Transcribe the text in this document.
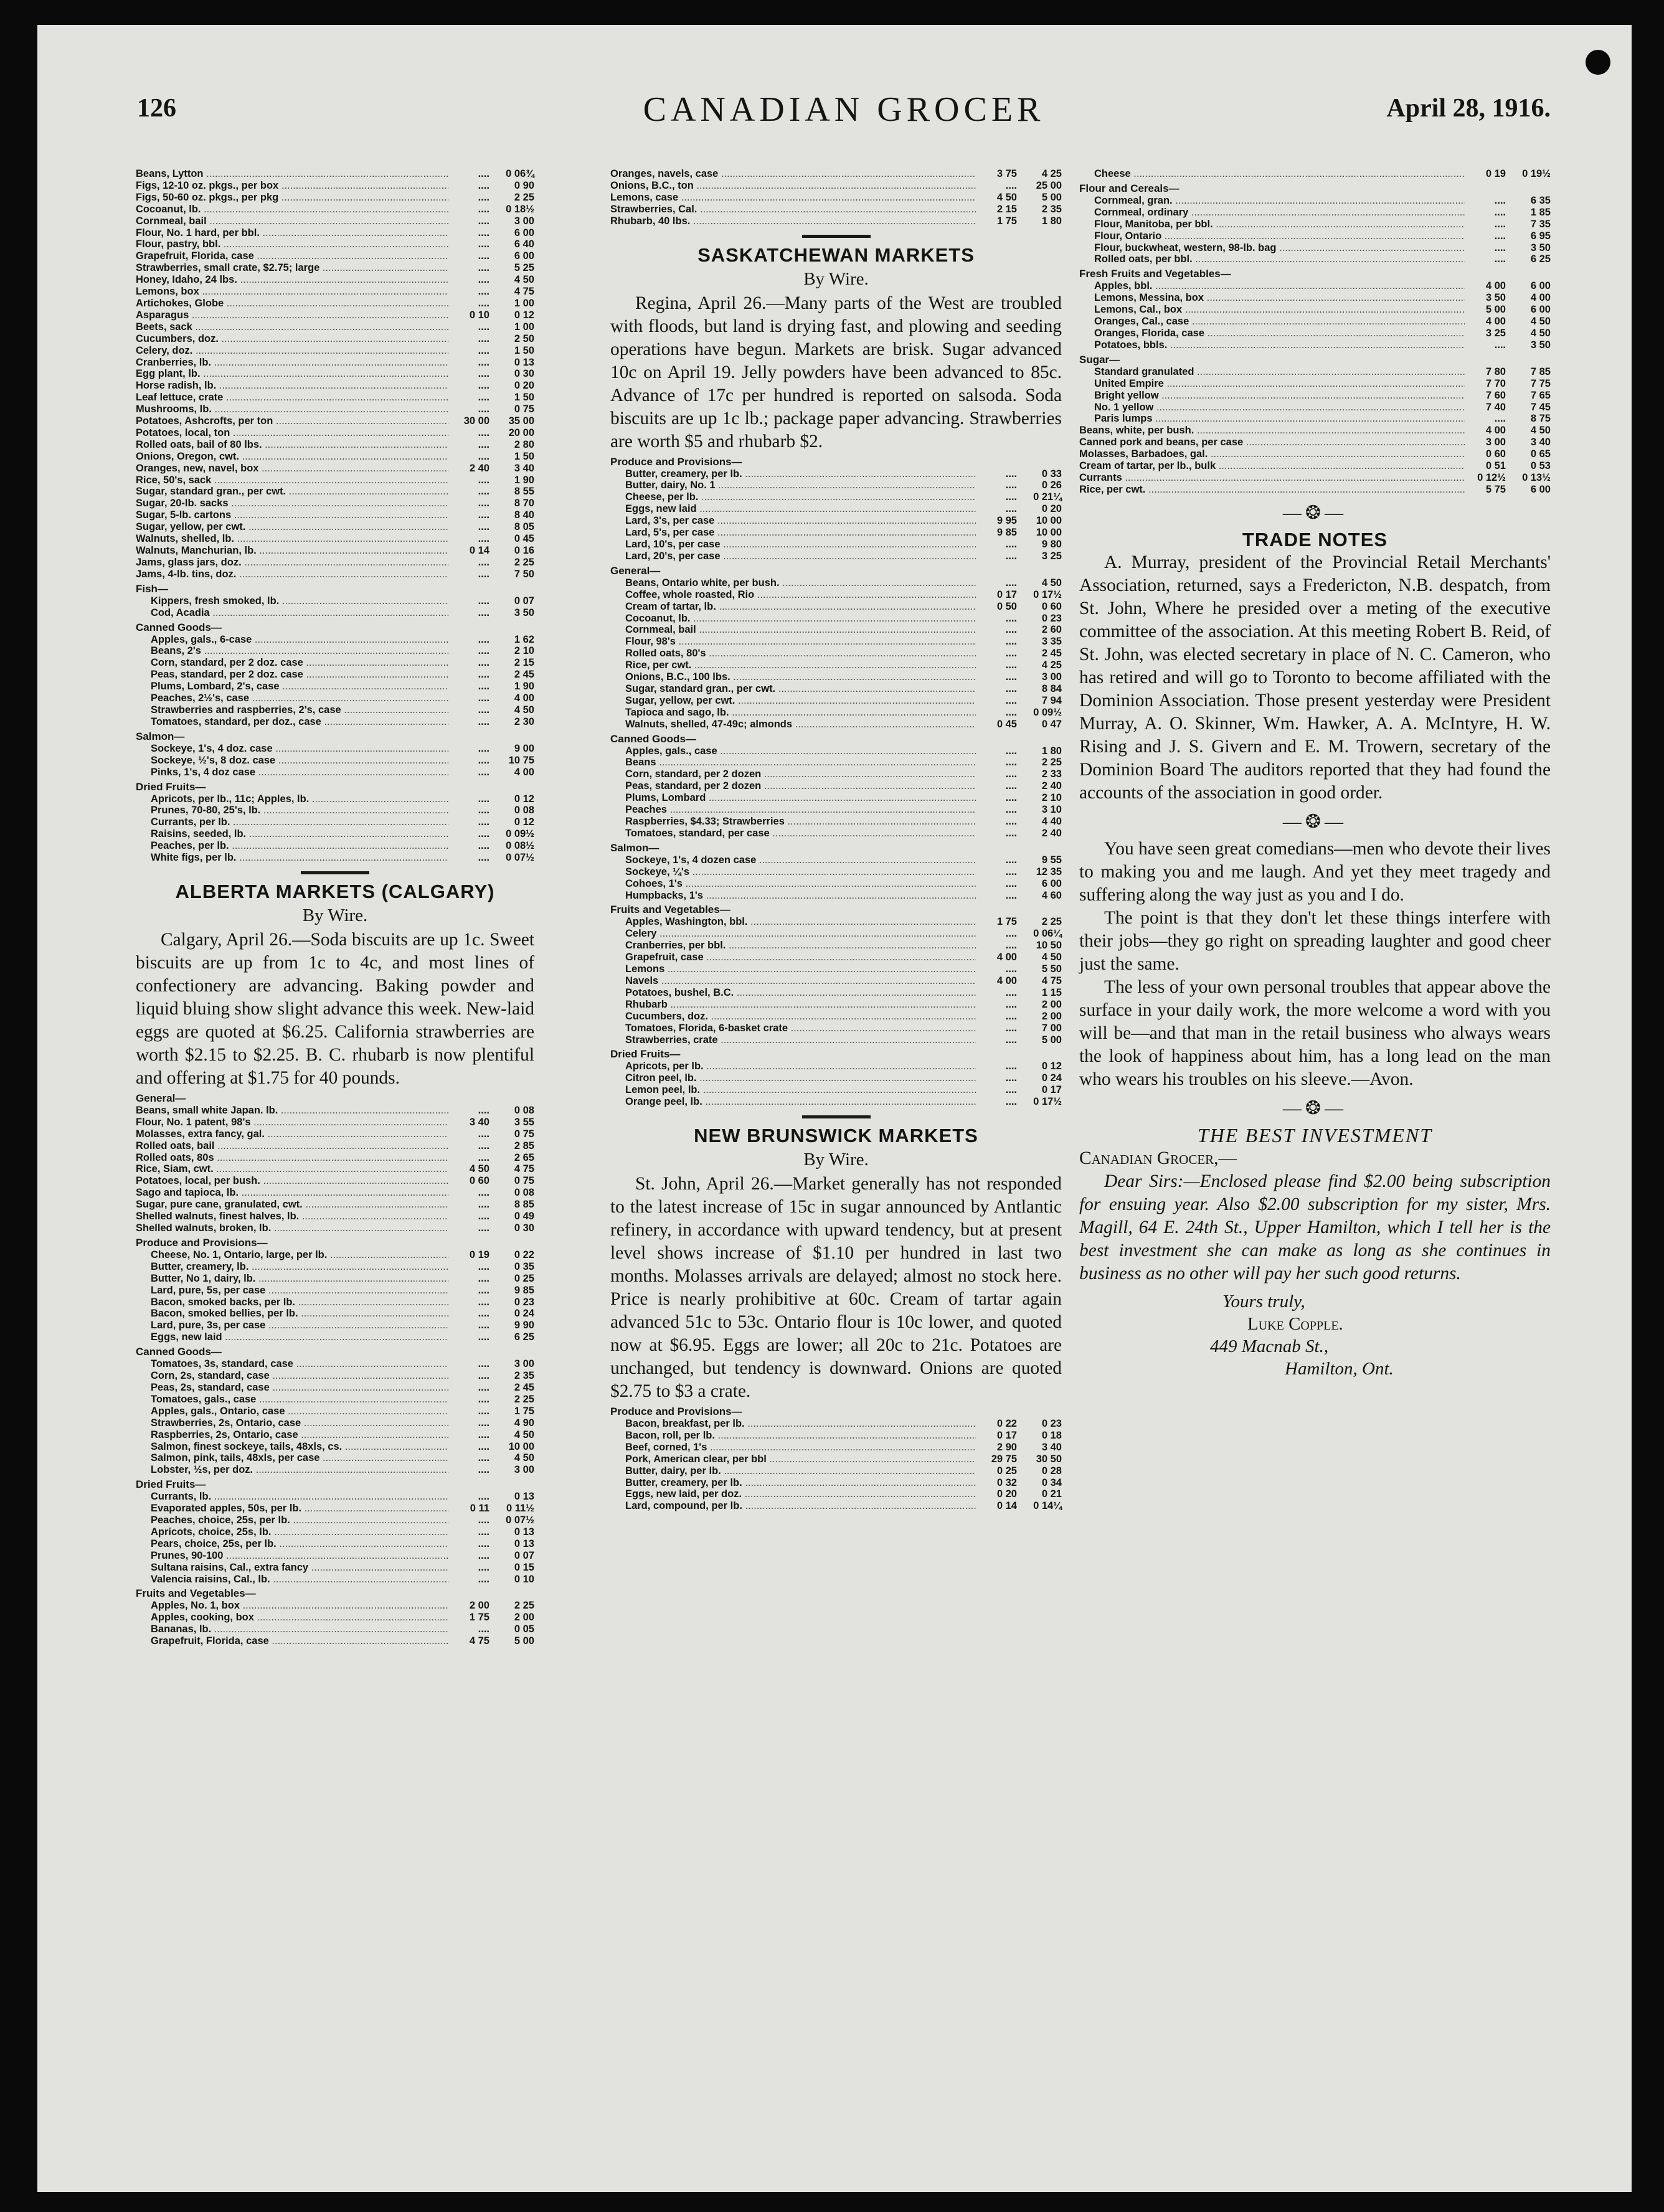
126	CANADIAN GROCER	April 28, 1916.
Beans, Lytton .....	....	0 06¾
Figs, 12-10 oz. pkgs., per box .....	....	0 90
Figs, 50-60 oz. pkgs., per pkg .....	....	2 25
Cocoanut, lb. .....	....	0 18½
Cornmeal, bail .....	....	3 00
Flour, No. 1 hard, per bbl. .....	....	6 00
Flour, pastry, bbl. .....	....	6 40
Grapefruit, Florida, case .....	....	6 00
Strawberries, small crate, $2.75; large .....	....	5 25
Honey, Idaho, 24 lbs. .....	....	4 50
Lemons, box .....	....	4 75
Artichokes, Globe .....	....	1 00
Asparagus .....	0 10	0 12
Beets, sack .....	....	1 00
Cucumbers, doz. .....	....	2 50
Celery, doz. .....	....	1 50
Cranberries, lb. .....	....	0 13
Egg plant, lb. .....	....	0 30
Horse radish, lb. .....	....	0 20
Leaf lettuce, crate .....	....	1 50
Mushrooms, lb. .....	....	0 75
Potatoes, Ashcrofts, per ton .....	30 00	35 00
Potatoes, local, ton .....	....	20 00
Rolled oats, bail of 80 lbs. .....	....	2 80
Onions, Oregon, cwt. .....	....	1 50
Oranges, new, navel, box .....	2 40	3 40
Rice, 50's, sack .....	....	1 90
Sugar, standard gran., per cwt. .....	....	8 55
Sugar, 20-lb. sacks .....	....	8 70
Sugar, 5-lb. cartons .....	....	8 40
Sugar, yellow, per cwt. .....	....	8 05
Walnuts, shelled, lb. .....	....	0 45
Walnuts, Manchurian, lb. .....	0 14	0 16
Jams, glass jars, doz. .....	....	2 25
Jams, 4-lb. tins, doz. .....	....	7 50
Fish—
Kippers, fresh smoked, lb. .....	....	0 07
Cod, Acadia .....	....	3 50
Canned Goods—
Apples, gals., 6-case .....	....	1 62
Beans, 2's .....	....	2 10
Corn, standard, per 2 doz. case .....	....	2 15
Peas, standard, per 2 doz. case .....	....	2 45
Plums, Lombard, 2's, case .....	....	1 90
Peaches, 2½'s, case .....	....	4 00
Strawberries and raspberries, 2's, case .....	....	4 50
Tomatoes, standard, per doz., case .....	....	2 30
Salmon—
Sockeye, 1's, 4 doz. case .....	....	9 00
Sockeye, ½'s, 8 doz. case .....	....	10 75
Pinks, 1's, 4 doz case .....	....	4 00
Dried Fruits—
Apricots, per lb., 11c; Apples, lb. .....	....	0 12
Prunes, 70-80, 25's, lb. .....	....	0 08
Currants, per lb. .....	....	0 12
Raisins, seeded, lb. .....	....	0 09½
Peaches, per lb. .....	....	0 08½
White figs, per lb. .....	....	0 07½
ALBERTA MARKETS (CALGARY)
By Wire.

Calgary, April 26.—Soda biscuits are up 1c. Sweet biscuits are up from 1c to 4c, and most lines of confectionery are advancing. Baking powder and liquid bluing show slight advance this week. New-laid eggs are quoted at $6.25. California strawberries are worth $2.15 to $2.25. B. C. rhubarb is now plentiful and offering at $1.75 for 40 pounds.

General—
Beans, small white Japan. lb. .....	....	0 08
Flour, No. 1 patent, 98's .....	3 40	3 55
Molasses, extra fancy, gal. .....	....	0 75
Rolled oats, bail .....	....	2 85
Rolled oats, 80s .....	....	2 65
Rice, Siam, cwt. .....	4 50	4 75
Potatoes, local, per bush. .....	0 60	0 75
Sago and tapioca, lb. .....	....	0 08
Sugar, pure cane, granulated, cwt. .....	....	8 85
Shelled walnuts, finest halves, lb. .....	....	0 49
Shelled walnuts, broken, lb. .....	....	0 30
Produce and Provisions—
Cheese, No. 1, Ontario, large, per lb. .....	0 19	0 22
Butter, creamery, lb. .....	....	0 35
Butter, No 1, dairy, lb. .....	....	0 25
Lard, pure, 5s, per case .....	....	9 85
Bacon, smoked backs, per lb. .....	....	0 23
Bacon, smoked bellies, per lb. .....	....	0 24
Lard, pure, 3s, per case .....	....	9 90
Eggs, new laid .....	....	6 25
Canned Goods—
Tomatoes, 3s, standard, case .....	....	3 00
Corn, 2s, standard, case .....	....	2 35
Peas, 2s, standard, case .....	....	2 45
Tomatoes, gals., case .....	....	2 25
Apples, gals., Ontario, case .....	....	1 75
Strawberries, 2s, Ontario, case .....	....	4 90
Raspberries, 2s, Ontario, case .....	....	4 50
Salmon, finest sockeye, tails, 48xls, cs. .....	....	10 00
Salmon, pink, tails, 48xls, per case .....	....	4 50
Lobster, ½s, per doz. .....	....	3 00
Dried Fruits—
Currants, lb. .....	....	0 13
Evaporated apples, 50s, per lb. .....	0 11	0 11½
Peaches, choice, 25s, per lb. .....	....	0 07½
Apricots, choice, 25s, lb. .....	....	0 13
Pears, choice, 25s, per lb. .....	....	0 13
Prunes, 90-100 .....	....	0 07
Sultana raisins, Cal., extra fancy .....	....	0 15
Valencia raisins, Cal., lb. .....	....	0 10
Fruits and Vegetables—
Apples, No. 1, box .....	2 00	2 25
Apples, cooking, box .....	1 75	2 00
Bananas, lb. .....	....	0 05
Grapefruit, Florida, case .....	4 75	5 00
Oranges, navels, case .....	3 75	4 25
Onions, B.C., ton .....	....	25 00
Lemons, case .....	4 50	5 00
Strawberries, Cal. .....	2 15	2 35
Rhubarb, 40 lbs. .....	1 75	1 80
SASKATCHEWAN MARKETS
By Wire.

Regina, April 26.—Many parts of the West are troubled with floods, but land is drying fast, and plowing and seeding operations have begun. Markets are brisk. Sugar advanced 10c on April 19. Jelly powders have been advanced to 85c. Advance of 17c per hundred is reported on salsoda. Soda biscuits are up 1c lb.; package paper advancing. Strawberries are worth $5 and rhubarb $2.

Produce and Provisions—
Butter, creamery, per lb. .....	....	0 33
Butter, dairy, No. 1 .....	....	0 26
Cheese, per lb. .....	....	0 21¼
Eggs, new laid .....	....	0 20
Lard, 3's, per case .....	9 95	10 00
Lard, 5's, per case .....	9 85	10 00
Lard, 10's, per case .....	....	9 80
Lard, 20's, per case .....	....	3 25
General—
Beans, Ontario white, per bush. .....	....	4 50
Coffee, whole roasted, Rio .....	0 17	0 17½
Cream of tartar, lb. .....	0 50	0 60
Cocoanut, lb. .....	....	0 23
Cornmeal, bail .....	....	2 60
Flour, 98's .....	....	3 35
Rolled oats, 80's .....	....	2 45
Rice, per cwt. .....	....	4 25
Onions, B.C., 100 lbs. .....	....	3 00
Sugar, standard gran., per cwt. .....	....	8 84
Sugar, yellow, per cwt. .....	....	7 94
Tapioca and sago, lb. .....	....	0 09½
Walnuts, shelled, 47-49c; almonds .....	0 45	0 47
Canned Goods—
Apples, gals., case .....	....	1 80
Beans .....	....	2 25
Corn, standard, per 2 dozen .....	....	2 33
Peas, standard, per 2 dozen .....	....	2 40
Plums, Lombard .....	....	2 10
Peaches .....	....	3 10
Raspberries, $4.33; Strawberries .....	....	4 40
Tomatoes, standard, per case .....	....	2 40
Salmon—
Sockeye, 1's, 4 dozen case .....	....	9 55
Sockeye, ¼'s .....	....	12 35
Cohoes, 1's .....	....	6 00
Humpbacks, 1's .....	....	4 60
Fruits and Vegetables—
Apples, Washington, bbl. .....	1 75	2 25
Celery .....	....	0 06¼
Cranberries, per bbl. .....	....	10 50
Grapefruit, case .....	4 00	4 50
Lemons .....	....	5 50
Navels .....	4 00	4 75
Potatoes, bushel, B.C. .....	....	1 15
Rhubarb .....	....	2 00
Cucumbers, doz. .....	....	2 00
Tomatoes, Florida, 6-basket crate .....	....	7 00
Strawberries, crate .....	....	5 00
Dried Fruits—
Apricots, per lb. .....	....	0 12
Citron peel, lb. .....	....	0 24
Lemon peel, lb. .....	....	0 17
Orange peel, lb. .....	....	0 17½
NEW BRUNSWICK MARKETS
By Wire.

St. John, April 26.—Market generally has not responded to the latest increase of 15c in sugar announced by Antlantic refinery, in accordance with upward tendency, but at present level shows increase of $1.10 per hundred in last two months. Molasses arrivals are delayed; almost no stock here. Price is nearly prohibitive at 60c. Cream of tartar again advanced 51c to 53c. Ontario flour is 10c lower, and quoted now at $6.95. Eggs are lower; all 20c to 21c. Potatoes are unchanged, but tendency is downward. Onions are quoted $2.75 to $3 a crate.

Produce and Provisions—
Bacon, breakfast, per lb. .....	0 22	0 23
Bacon, roll, per lb. .....	0 17	0 18
Beef, corned, 1's .....	2 90	3 40
Pork, American clear, per bbl .....	29 75	30 50
Butter, dairy, per lb. .....	0 25	0 28
Butter, creamery, per lb. .....	0 32	0 34
Eggs, new laid, per doz. .....	0 20	0 21
Lard, compound, per lb. .....	0 14	0 14¼
Cheese .....	0 19	0 19½
Flour and Cereals—
Cornmeal, gran. .....	....	6 35
Cornmeal, ordinary .....	....	1 85
Flour, Manitoba, per bbl. .....	....	7 35
Flour, Ontario .....	....	6 95
Flour, buckwheat, western, 98-lb. bag .....	....	3 50
Rolled oats, per bbl. .....	....	6 25
Fresh Fruits and Vegetables—
Apples, bbl. .....	4 00	6 00
Lemons, Messina, box .....	3 50	4 00
Lemons, Cal., box .....	5 00	6 00
Oranges, Cal., case .....	4 00	4 50
Oranges, Florida, case .....	3 25	4 50
Potatoes, bbls. .....	....	3 50
Sugar—
Standard granulated .....	7 80	7 85
United Empire .....	7 70	7 75
Bright yellow .....	7 60	7 65
No. 1 yellow .....	7 40	7 45
Paris lumps .....	....	8 75
Beans, white, per bush. .....	4 00	4 50
Canned pork and beans, per case .....	3 00	3 40
Molasses, Barbadoes, gal. .....	0 60	0 65
Cream of tartar, per lb., bulk .....	0 51	0 53
Currants .....	0 12½	0 13½
Rice, per cwt. .....	5 75	6 00
—❂—
TRADE NOTES

A. Murray, president of the Provincial Retail Merchants' Association, returned, says a Fredericton, N.B. despatch, from St. John, Where he presided over a meting of the executive committee of the association. At this meeting Robert B. Reid, of St. John, was elected secretary in place of N. C. Cameron, who has retired and will go to Toronto to become affiliated with the Dominion Association. Those present yesterday were President Murray, A. O. Skinner, Wm. Hawker, A. A. McIntyre, H. W. Rising and J. S. Givern and E. M. Trowern, secretary of the Dominion Board The auditors reported that they had found the accounts of the association in good order.

—❂—

You have seen great comedians—men who devote their lives to making you and me laugh. And yet they meet tragedy and suffering along the way just as you and I do.

The point is that they don't let these things interfere with their jobs—they go right on spreading laughter and good cheer just the same.

The less of your own personal troubles that appear above the surface in your daily work, the more welcome a word with you will be—and that man in the retail business who always wears the look of happiness about him, has a long lead on the man who wears his troubles on his sleeve.—Avon.

—❂—
THE BEST INVESTMENT

Canadian Grocer,—

Dear Sirs:—Enclosed please find $2.00 being subscription for ensuing year. Also $2.00 subscription for my sister, Mrs. Magill, 64 E. 24th St., Upper Hamilton, which I tell her is the best investment she can make as long as she continues in business as no other will pay her such good returns.

Yours truly,
Luke Copple.
449 Macnab St.,
Hamilton, Ont.
